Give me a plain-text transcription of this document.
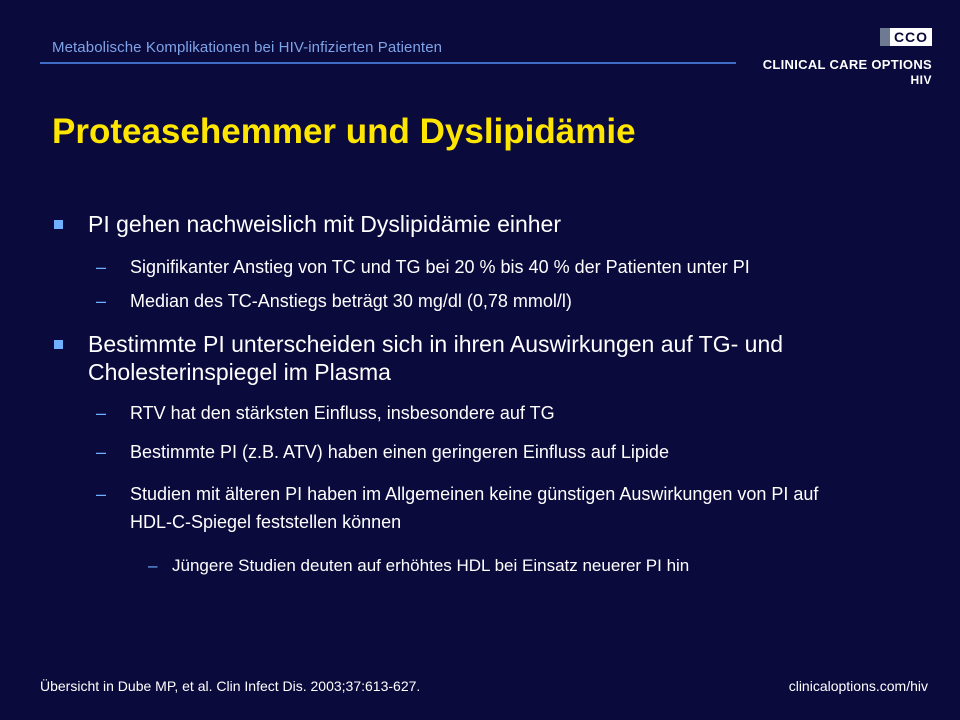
Metabolische Komplikationen bei HIV-infizierten Patienten
CCO
CLINICAL CARE OPTIONS
HIV
Proteasehemmer und Dyslipidämie
PI gehen nachweislich mit Dyslipidämie einher
– Signifikanter Anstieg von TC und TG bei 20 % bis 40 % der Patienten unter PI
– Median des TC-Anstiegs beträgt 30 mg/dl (0,78 mmol/l)
Bestimmte PI unterscheiden sich in ihren Auswirkungen auf TG- und Cholesterinspiegel im Plasma
– RTV hat den stärksten Einfluss, insbesondere auf TG
– Bestimmte PI (z.B. ATV) haben einen geringeren Einfluss auf Lipide
– Studien mit älteren PI haben im Allgemeinen keine günstigen Auswirkungen von PI auf HDL-C-Spiegel feststellen können
– Jüngere Studien deuten auf erhöhtes HDL bei Einsatz neuerer PI hin
Übersicht in Dube MP, et al. Clin Infect Dis. 2003;37:613-627.	clinicaloptions.com/hiv
